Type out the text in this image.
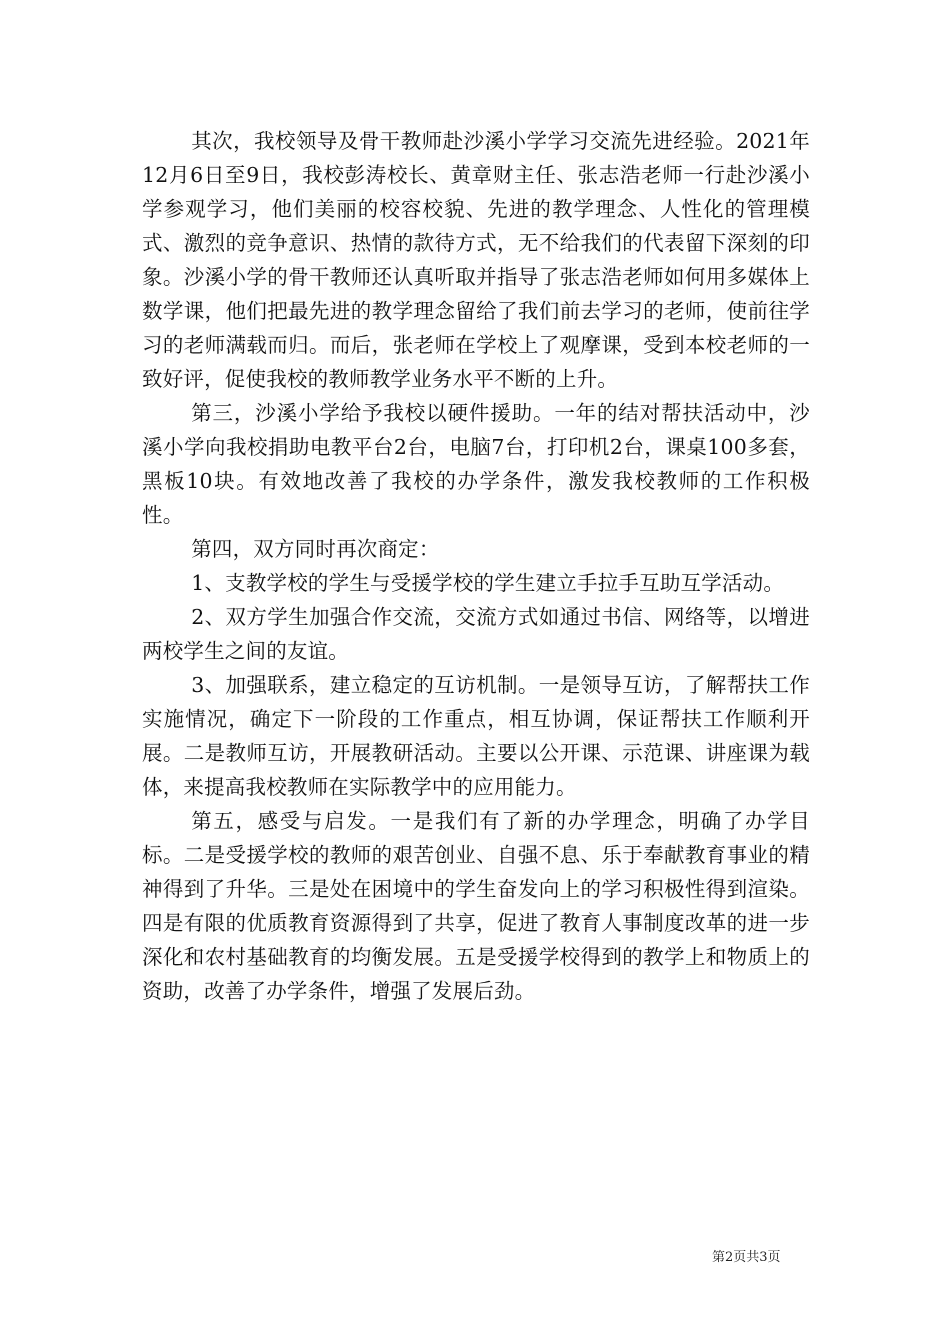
其次，我校领导及骨干教师赴沙溪小学学习交流先进经验。2021年12月6日至9日，我校彭涛校长、黄章财主任、张志浩老师一行赴沙溪小学参观学习，他们美丽的校容校貌、先进的教学理念、人性化的管理模式、激烈的竞争意识、热情的款待方式，无不给我们的代表留下深刻的印象。沙溪小学的骨干教师还认真听取并指导了张志浩老师如何用多媒体上数学课，他们把最先进的教学理念留给了我们前去学习的老师，使前往学习的老师满载而归。而后，张老师在学校上了观摩课，受到本校老师的一致好评，促使我校的教师教学业务水平不断的上升。

第三，沙溪小学给予我校以硬件援助。一年的结对帮扶活动中，沙溪小学向我校捐助电教平台2台，电脑7台，打印机2台，课桌100多套，黑板10块。有效地改善了我校的办学条件，激发我校教师的工作积极性。

第四，双方同时再次商定：

1、支教学校的学生与受援学校的学生建立手拉手互助互学活动。

2、双方学生加强合作交流，交流方式如通过书信、网络等，以增进两校学生之间的友谊。

3、加强联系，建立稳定的互访机制。一是领导互访，了解帮扶工作实施情况，确定下一阶段的工作重点，相互协调，保证帮扶工作顺利开展。二是教师互访，开展教研活动。主要以公开课、示范课、讲座课为载体，来提高我校教师在实际教学中的应用能力。

第五，感受与启发。一是我们有了新的办学理念，明确了办学目标。二是受援学校的教师的艰苦创业、自强不息、乐于奉献教育事业的精神得到了升华。三是处在困境中的学生奋发向上的学习积极性得到渲染。四是有限的优质教育资源得到了共享，促进了教育人事制度改革的进一步深化和农村基础教育的均衡发展。五是受援学校得到的教学上和物质上的资助，改善了办学条件，增强了发展后劲。

第2页共3页
